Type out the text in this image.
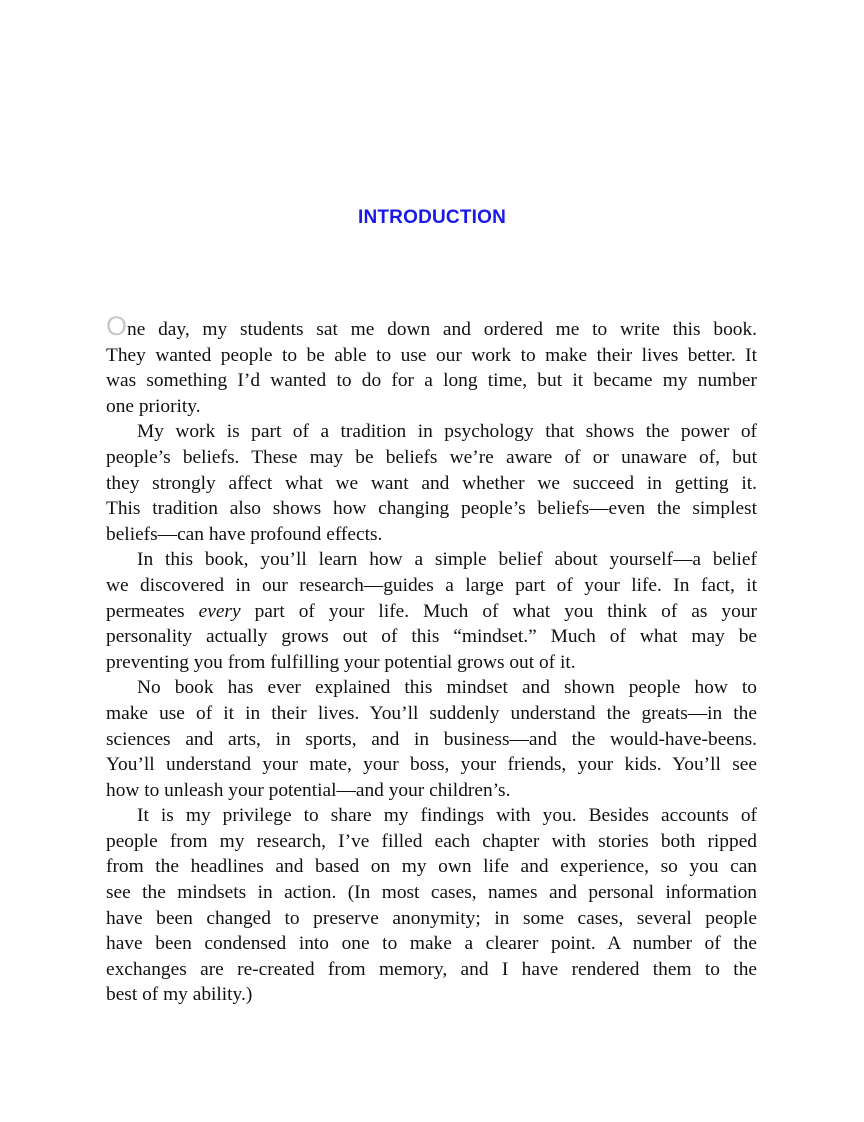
INTRODUCTION
One day, my students sat me down and ordered me to write this book.
They wanted people to be able to use our work to make their lives better. It
was something I’d wanted to do for a long time, but it became my number
one priority.
My work is part of a tradition in psychology that shows the power of
people’s beliefs. These may be beliefs we’re aware of or unaware of, but
they strongly affect what we want and whether we succeed in getting it.
This tradition also shows how changing people’s beliefs—even the simplest
beliefs—can have profound effects.
In this book, you’ll learn how a simple belief about yourself—a belief
we discovered in our research—guides a large part of your life. In fact, it
permeates every part of your life. Much of what you think of as your
personality actually grows out of this “mindset.” Much of what may be
preventing you from fulfilling your potential grows out of it.
No book has ever explained this mindset and shown people how to
make use of it in their lives. You’ll suddenly understand the greats—in the
sciences and arts, in sports, and in business—and the would-have-beens.
You’ll understand your mate, your boss, your friends, your kids. You’ll see
how to unleash your potential—and your children’s.
It is my privilege to share my findings with you. Besides accounts of
people from my research, I’ve filled each chapter with stories both ripped
from the headlines and based on my own life and experience, so you can
see the mindsets in action. (In most cases, names and personal information
have been changed to preserve anonymity; in some cases, several people
have been condensed into one to make a clearer point. A number of the
exchanges are re-created from memory, and I have rendered them to the
best of my ability.)
